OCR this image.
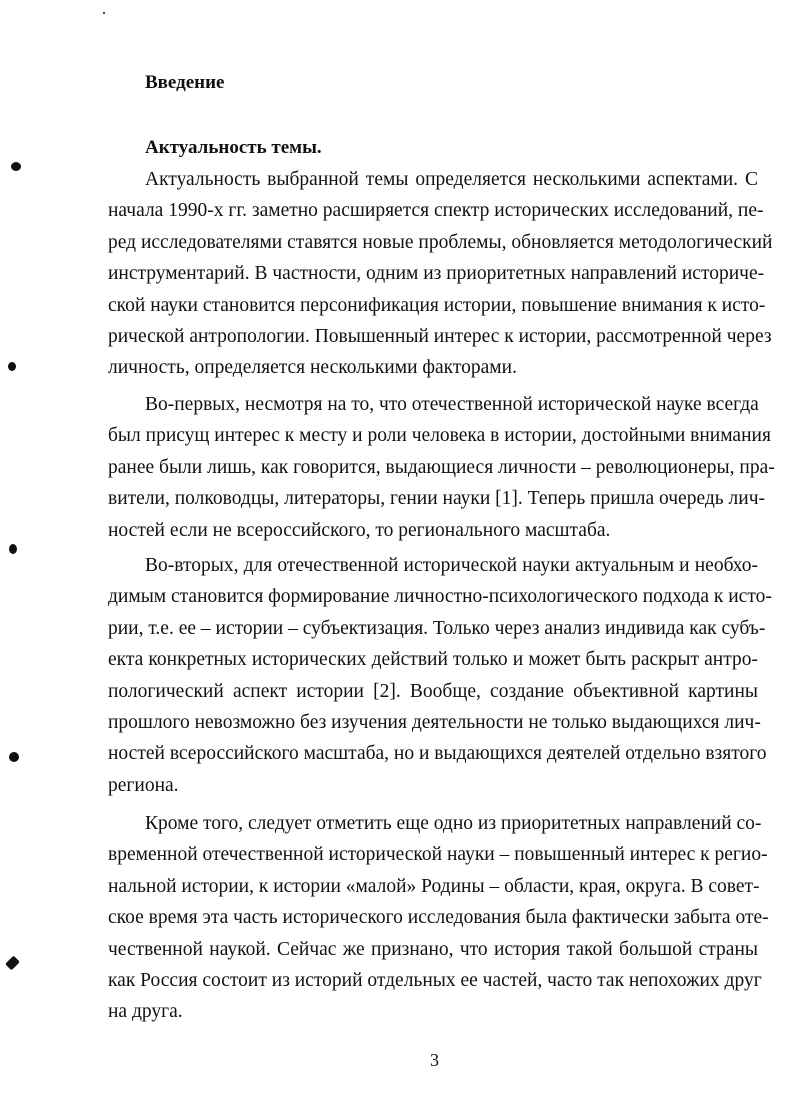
Введение
Актуальность темы.
Актуальность выбранной темы определяется несколькими аспектами. С
начала 1990-х гг. заметно расширяется спектр исторических исследований, пе-
ред исследователями ставятся новые проблемы, обновляется методологический
инструментарий. В частности, одним из приоритетных направлений историче-
ской науки становится персонификация истории, повышение внимания к исто-
рической антропологии. Повышенный интерес к истории, рассмотренной через
личность, определяется несколькими факторами.
Во-первых, несмотря на то, что отечественной исторической науке всегда
был присущ интерес к месту и роли человека в истории, достойными внимания
ранее были лишь, как говорится, выдающиеся личности – революционеры, пра-
вители, полководцы, литераторы, гении науки [1]. Теперь пришла очередь лич-
ностей если не всероссийского, то регионального масштаба.
Во-вторых, для отечественной исторической науки актуальным и необхо-
димым становится формирование личностно-психологического подхода к исто-
рии, т.е. ее – истории – субъектизация. Только через анализ индивида как субъ-
екта конкретных исторических действий только и может быть раскрыт антро-
пологический аспект истории [2]. Вообще, создание объективной картины
прошлого невозможно без изучения деятельности не только выдающихся лич-
ностей всероссийского масштаба, но и выдающихся деятелей отдельно взятого
региона.
Кроме того, следует отметить еще одно из приоритетных направлений со-
временной отечественной исторической науки – повышенный интерес к регио-
нальной истории, к истории «малой» Родины – области, края, округа. В совет-
ское время эта часть исторического исследования была фактически забыта оте-
чественной наукой. Сейчас же признано, что история такой большой страны
как Россия состоит из историй отдельных ее частей, часто так непохожих друг
на друга.
3
